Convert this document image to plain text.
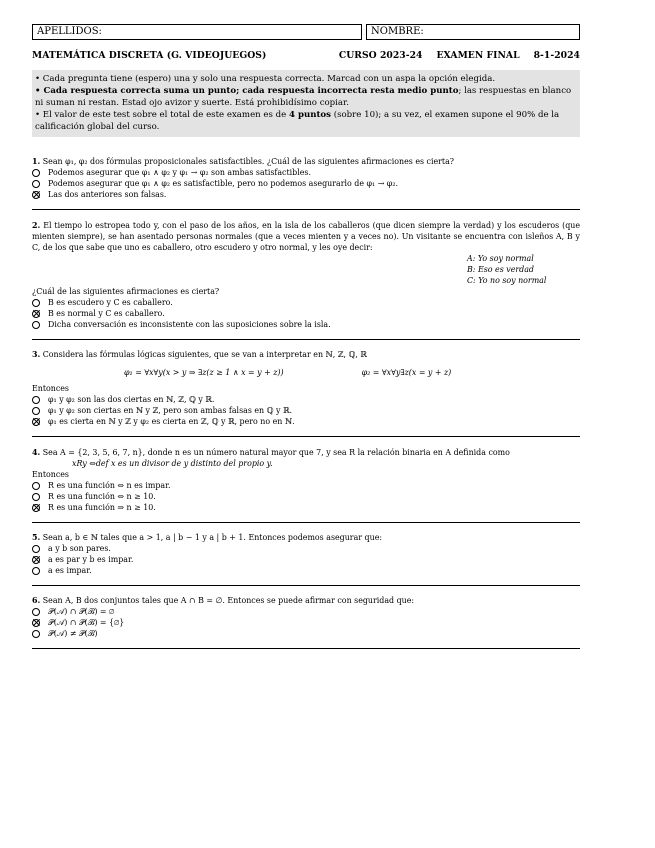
APELLIDOS:	NOMBRE:
MATEMÁTICA DISCRETA (G. VIDEOJUEGOS)	CURSO 2023-24 EXAMEN FINAL 8-1-2024

• Cada pregunta tiene (espero) una y solo una respuesta correcta. Marcad con un aspa la opción elegida.

• Cada respuesta correcta suma un punto; cada respuesta incorrecta resta medio punto; las respuestas en blanco ni suman ni restan. Estad ojo avizor y suerte. Está prohibidísimo copiar.

• El valor de este test sobre el total de este examen es de 4 puntos (sobre 10); a su vez, el examen supone el 90% de la calificación global del curso.

1. Sean φ₁, φ₂ dos fórmulas proposicionales satisfactibles. ¿Cuál de las siguientes afirmaciones es cierta?

Podemos asegurar que φ₁ ∧ φ₂ y φ₁ → φ₂ son ambas satisfactibles.
Podemos asegurar que φ₁ ∧ φ₂ es satisfactible, pero no podemos asegurarlo de φ₁ → φ₂.
Las dos anteriores son falsas.

2. El tiempo lo estropea todo y, con el paso de los años, en la isla de los caballeros (que dicen siempre la verdad) y los escuderos (que mienten siempre), se han asentado personas normales (que a veces mienten y a veces no). Un visitante se encuentra con isleños A, B y C, de los que sabe que uno es caballero, otro escudero y otro normal, y les oye decir:

A: Yo soy normal
B: Eso es verdad
C: Yo no soy normal

¿Cuál de las siguientes afirmaciones es cierta?

B es escudero y C es caballero.
B es normal y C es caballero.
Dicha conversación es inconsistente con las suposiciones sobre la isla.

3. Considera las fórmulas lógicas siguientes, que se van a interpretar en ℕ, ℤ, ℚ, ℝ

φ₁ = ∀x∀y(x > y ⇒ ∃z(z ≥ 1 ∧ x = y + z))	φ₂ = ∀x∀y∃z(x = y + z)

Entonces

φ₁ y φ₂ son las dos ciertas en ℕ, ℤ, ℚ y ℝ.
φ₁ y φ₂ son ciertas en ℕ y ℤ, pero son ambas falsas en ℚ y ℝ.
φ₁ es cierta en ℕ y ℤ y φ₂ es cierta en ℤ, ℚ y ℝ, pero no en ℕ.

4. Sea A = {2, 3, 5, 6, 7, n}, donde n es un número natural mayor que 7, y sea R la relación binaria en A definida como

xRy ⇔def x es un divisor de y distinto del propio y.

Entonces

R es una función ⇔ n es impar.
R es una función ⇔ n ≥ 10.
R es una función ⇒ n ≥ 10.

5. Sean a, b ∈ ℕ tales que a > 1, a | b − 1 y a | b + 1. Entonces podemos asegurar que:

a y b son pares.
a es par y b es impar.
a es impar.

6. Sean A, B dos conjuntos tales que A ∩ B = ∅. Entonces se puede afirmar con seguridad que:

𝒫(𝒜) ∩ 𝒫(ℬ) = ∅
𝒫(𝒜) ∩ 𝒫(ℬ) = {∅}
𝒫(𝒜) ≠ 𝒫(ℬ)
